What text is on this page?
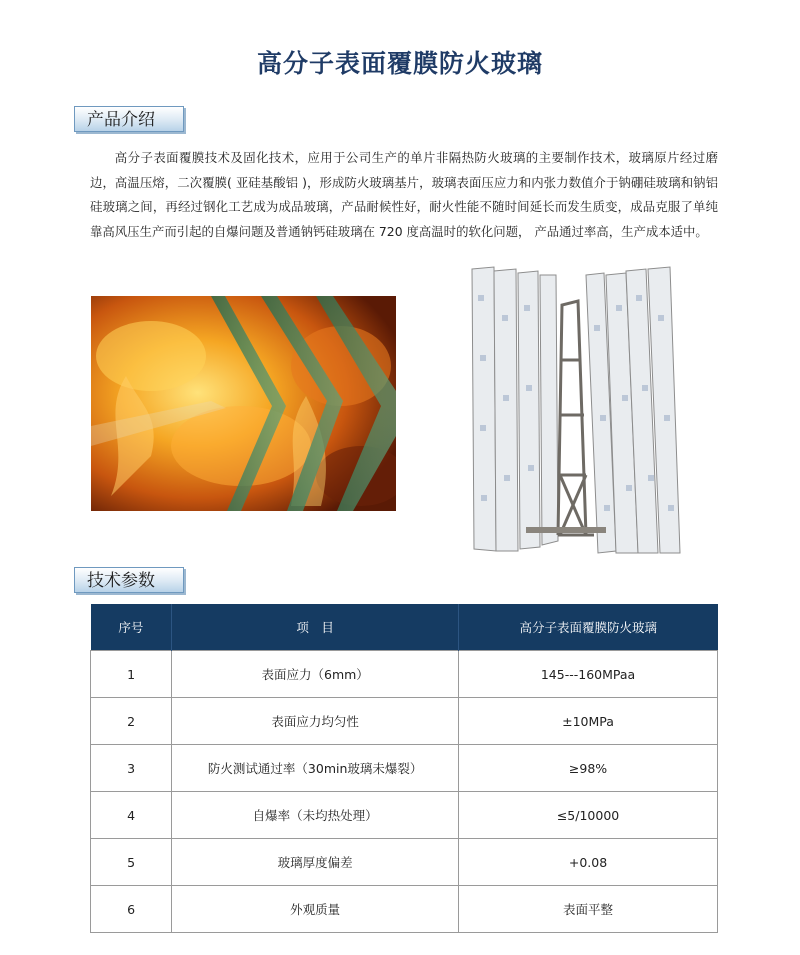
高分子表面覆膜防火玻璃
产品介绍

高分子表面覆膜技术及固化技术，应用于公司生产的单片非隔热防火玻璃的主要制作技术，玻璃原片经过磨边，高温压熔，二次覆膜( 亚硅基酸铝 )，形成防火玻璃基片，玻璃表面压应力和内张力数值介于钠硼硅玻璃和钠铝硅玻璃之间，再经过钢化工艺成为成品玻璃，产品耐候性好，耐火性能不随时间延长而发生质变，成品克服了单纯靠高风压生产而引起的自爆问题及普通钠钙硅玻璃在 720 度高温时的软化问题， 产品通过率高，生产成本适中。

技术参数
序号	项　目	高分子表面覆膜防火玻璃
1	表面应力（6mm）	145---160MPaa
2	表面应力均匀性	±10MPa
3	防火测试通过率（30min玻璃未爆裂）	≥98%
4	自爆率（未均热处理）	≤5/10000
5	玻璃厚度偏差	+0.08
6	外观质量	表面平整
